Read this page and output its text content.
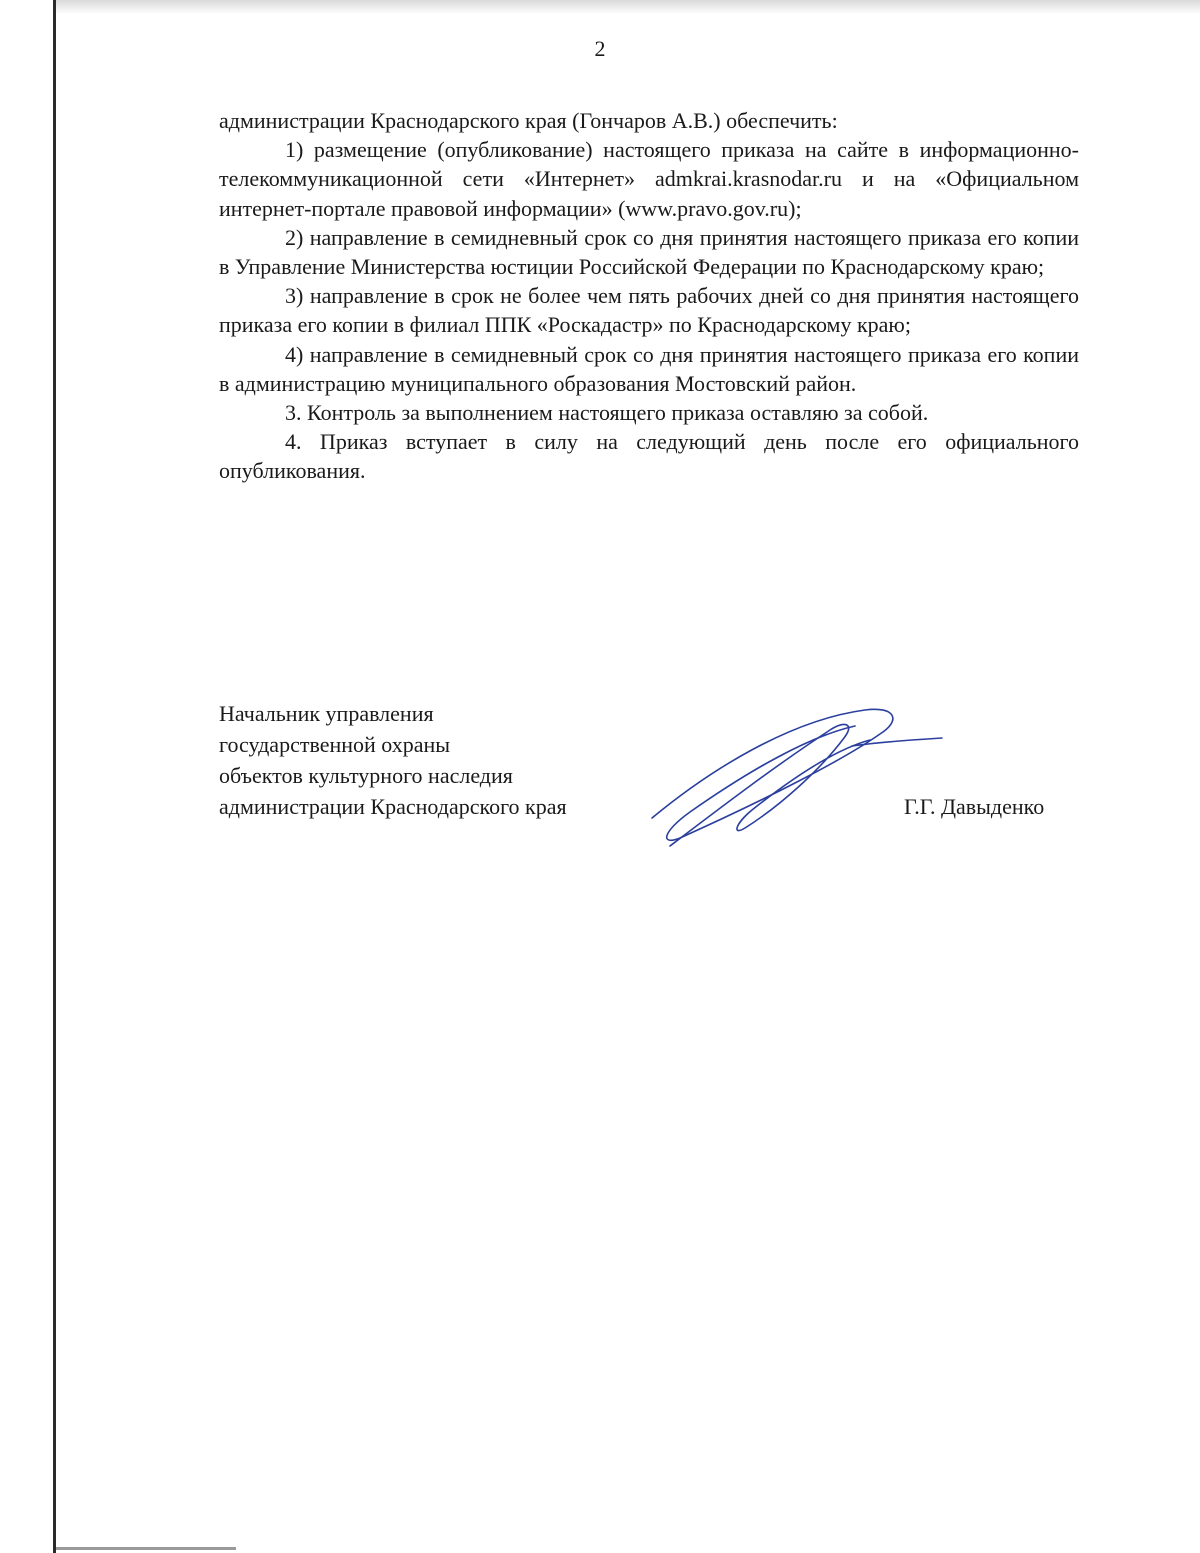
2

администрации Краснодарского края (Гончаров А.В.) обеспечить:

1) размещение (опубликование) настоящего приказа на сайте в информационно-телекоммуникационной сети «Интернет» admkrai.krasnodar.ru и на «Официальном интернет-портале правовой информации» (www.pravo.gov.ru);

2) направление в семидневный срок со дня принятия настоящего приказа его копии в Управление Министерства юстиции Российской Федерации по Краснодарскому краю;

3) направление в срок не более чем пять рабочих дней со дня принятия настоящего приказа его копии в филиал ППК «Роскадастр» по Краснодарскому краю;

4) направление в семидневный срок со дня принятия настоящего приказа его копии в администрацию муниципального образования Мостовский район.

3. Контроль за выполнением настоящего приказа оставляю за собой.

4. Приказ вступает в силу на следующий день после его официального опубликования.

Начальник управления
государственной охраны
объектов культурного наследия
администрации Краснодарского края	Г.Г. Давыденко
